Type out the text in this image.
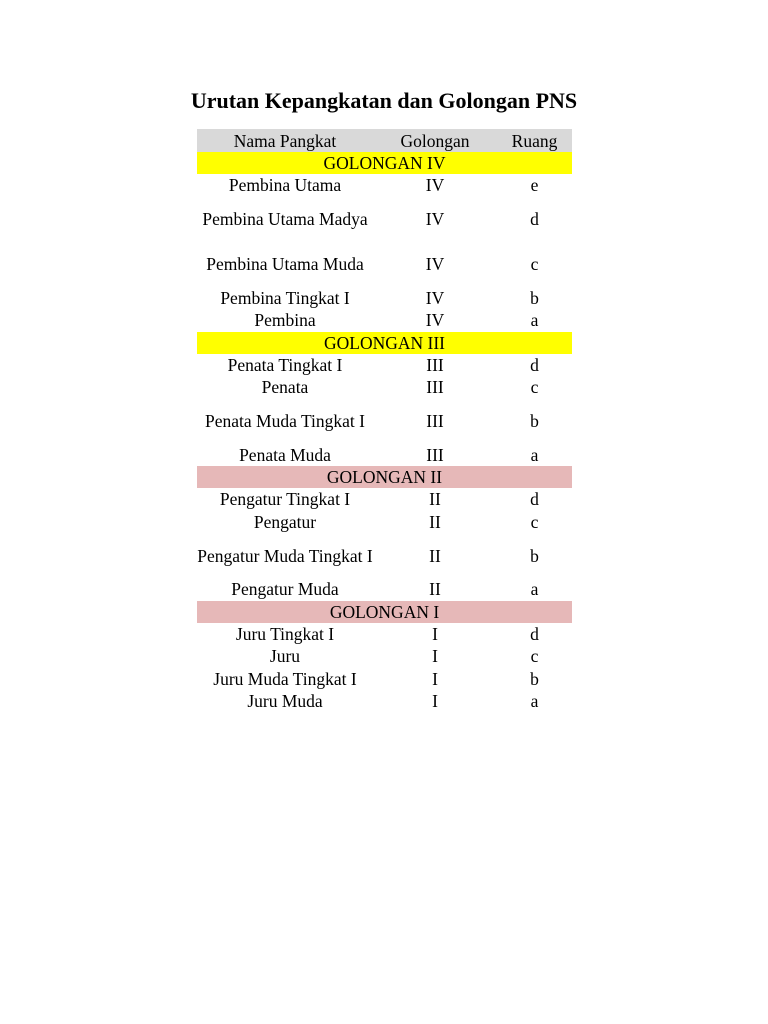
Urutan Kepangkatan dan Golongan PNS
Nama Pangkat	Golongan	Ruang
GOLONGAN IV
Pembina Utama	IV	e
Pembina Utama Madya	IV	d
Pembina Utama Muda	IV	c
Pembina Tingkat I	IV	b
Pembina	IV	a
GOLONGAN III
Penata Tingkat I	III	d
Penata	III	c
Penata Muda Tingkat I	III	b
Penata Muda	III	a
GOLONGAN II
Pengatur Tingkat I	II	d
Pengatur	II	c
Pengatur Muda Tingkat I	II	b
Pengatur Muda	II	a
GOLONGAN I
Juru Tingkat I	I	d
Juru	I	c
Juru Muda Tingkat I	I	b
Juru Muda	I	a
